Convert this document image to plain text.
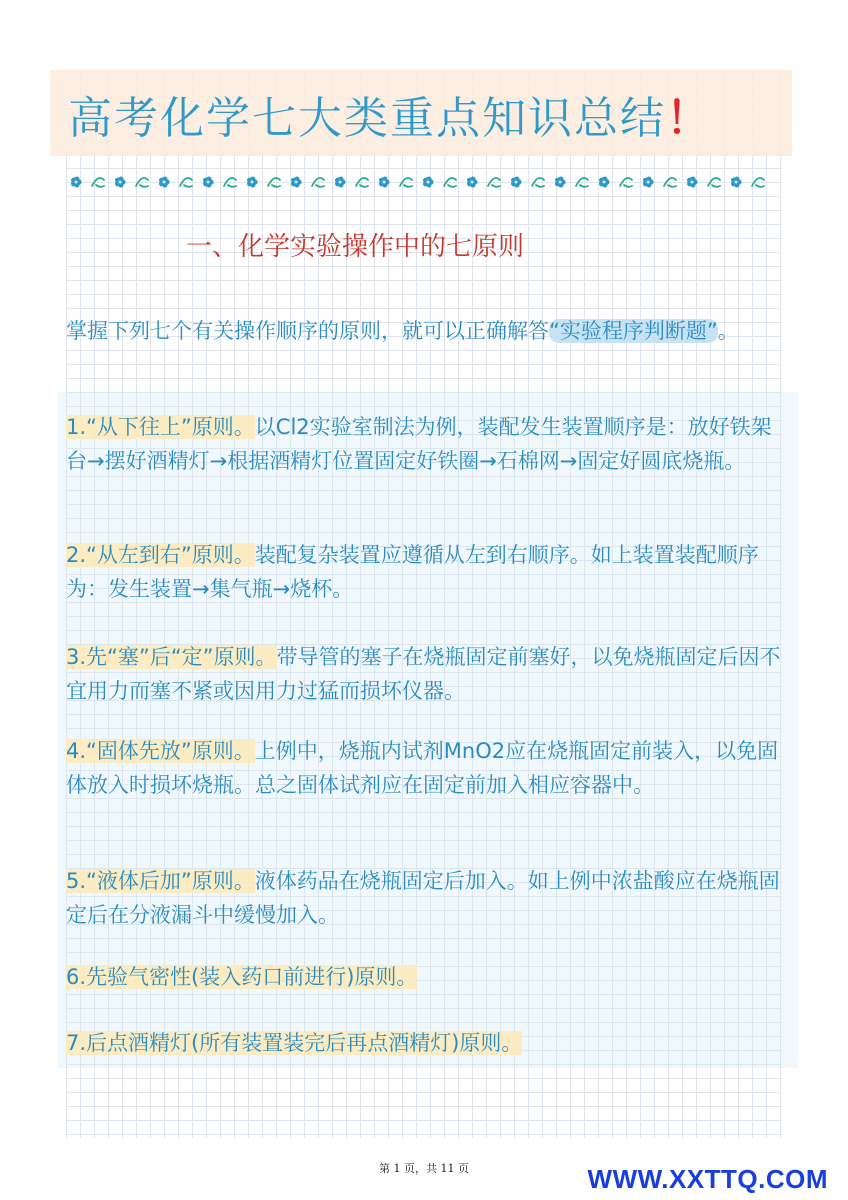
高考化学七大类重点知识总结！
一、化学实验操作中的七原则

掌握下列七个有关操作顺序的原则，就可以正确解答“实验程序判断题”。

1.“从下往上”原则。以Cl2实验室制法为例，装配发生装置顺序是：放好铁架台→摆好酒精灯→根据酒精灯位置固定好铁圈→石棉网→固定好圆底烧瓶。

2.“从左到右”原则。装配复杂装置应遵循从左到右顺序。如上装置装配顺序为：发生装置→集气瓶→烧杯。

3.先“塞”后“定”原则。带导管的塞子在烧瓶固定前塞好，以免烧瓶固定后因不宜用力而塞不紧或因用力过猛而损坏仪器。

4.“固体先放”原则。上例中，烧瓶内试剂MnO2应在烧瓶固定前装入，以免固体放入时损坏烧瓶。总之固体试剂应在固定前加入相应容器中。

5.“液体后加”原则。液体药品在烧瓶固定后加入。如上例中浓盐酸应在烧瓶固定后在分液漏斗中缓慢加入。

6.先验气密性(装入药口前进行)原则。

7.后点酒精灯(所有装置装完后再点酒精灯)原则。

第 1 页，共 11 页	WWW.XXTTQ.COM
